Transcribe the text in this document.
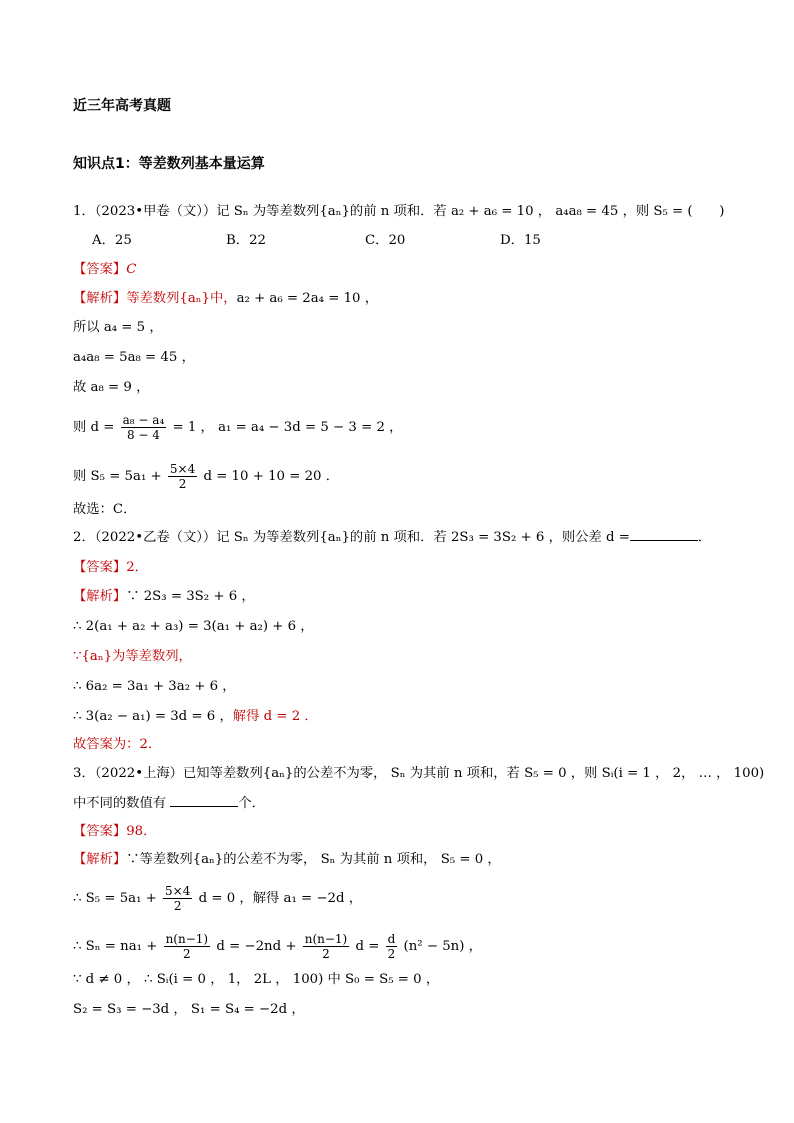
近三年高考真题
知识点1：等差数列基本量运算
1．（2023•甲卷（文））记 Sₙ 为等差数列{aₙ}的前 n 项和．若 a₂ + a₆ = 10 ， a₄a₈ = 45 ，则 S₅ = (　　)
A．25	B．22	C．20	D．15
【答案】C
【解析】等差数列{aₙ}中，a₂ + a₆ = 2a₄ = 10 ，
所以 a₄ = 5 ，
a₄a₈ = 5a₈ = 45 ，
故 a₈ = 9 ，
则 $d = \frac{\text{a₈ − a₄}}{8 - 4} = 1$ ， a₁ = a₄ − 3d = 5 − 3 = 2 ，
则 $S_5 = 5a_1 + \frac{5\times 4}{2}$ d = 10 + 10 = 20 ．
故选：C．
2．（2022•乙卷（文））记 Sₙ 为等差数列{aₙ}的前 n 项和．若 2S₃ = 3S₂ + 6 ，则公差 d =	．
【答案】2．
【解析】∵ 2S₃ = 3S₂ + 6 ，
∴ 2(a₁ + a₂ + a₃) = 3(a₁ + a₂) + 6 ，
∵{aₙ}为等差数列，
∴ 6a₂ = 3a₁ + 3a₂ + 6 ，
∴ 3(a₂ − a₁) = 3d = 6 ，解得 d = 2 ．
故答案为：2．
3．（2022•上海）已知等差数列{aₙ}的公差不为零， Sₙ 为其前 n 项和，若 S₅ = 0 ，则 Sᵢ(i = 1 ， 2， … ， 100)
中不同的数值有	个．
【答案】98．
【解析】∵等差数列{aₙ}的公差不为零， Sₙ 为其前 n 项和， S₅ = 0 ，
∴ $S_5 = 5a_1 + \frac{5\times 4}{2}$ d = 0 ，解得 a₁ = −2d ，
∴ $S_n = na_1 + \frac{n(n-1)}{2}$ $d = -2nd + \frac{n(n-1)}{2}$ $d = \frac{d}{2} (n^2 - 5n)$ ，
∵ d ≠ 0 ， ∴ Sᵢ(i = 0 ， 1， 2L ， 100) 中 S₀ = S₅ = 0 ，
S₂ = S₃ = −3d ， S₁ = S₄ = −2d ，
